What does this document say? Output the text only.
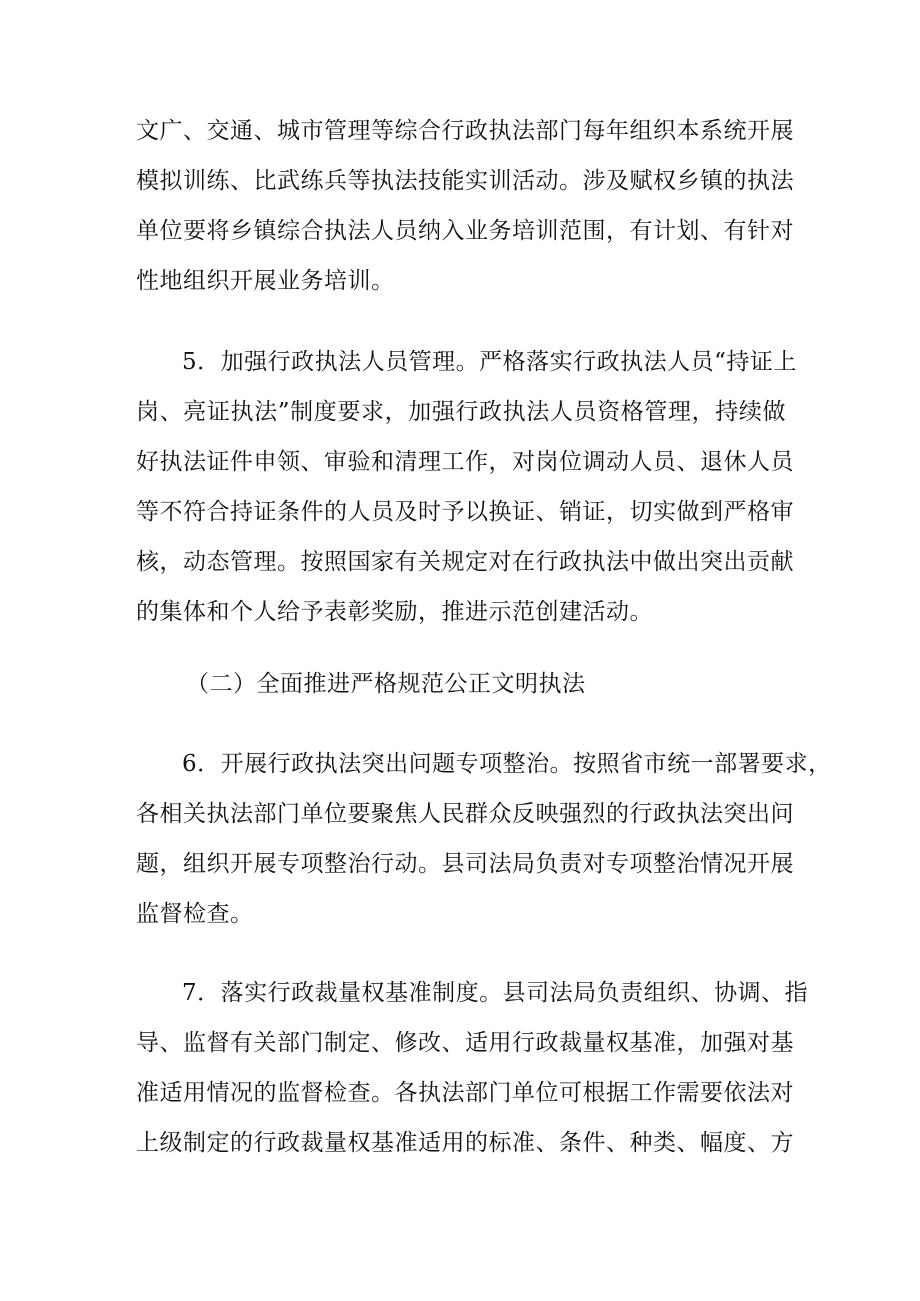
文广、交通、城市管理等综合行政执法部门每年组织本系统开展
模拟训练、比武练兵等执法技能实训活动。涉及赋权乡镇的执法
单位要将乡镇综合执法人员纳入业务培训范围，有计划、有针对
性地组织开展业务培训。
5．加强行政执法人员管理。严格落实行政执法人员“持证上
岗、亮证执法”制度要求，加强行政执法人员资格管理，持续做
好执法证件申领、审验和清理工作，对岗位调动人员、退休人员
等不符合持证条件的人员及时予以换证、销证，切实做到严格审
核，动态管理。按照国家有关规定对在行政执法中做出突出贡献
的集体和个人给予表彰奖励，推进示范创建活动。
（二）全面推进严格规范公正文明执法
6．开展行政执法突出问题专项整治。按照省市统一部署要求，
各相关执法部门单位要聚焦人民群众反映强烈的行政执法突出问
题，组织开展专项整治行动。县司法局负责对专项整治情况开展
监督检查。
7．落实行政裁量权基准制度。县司法局负责组织、协调、指
导、监督有关部门制定、修改、适用行政裁量权基准，加强对基
准适用情况的监督检查。各执法部门单位可根据工作需要依法对
上级制定的行政裁量权基准适用的标准、条件、种类、幅度、方
